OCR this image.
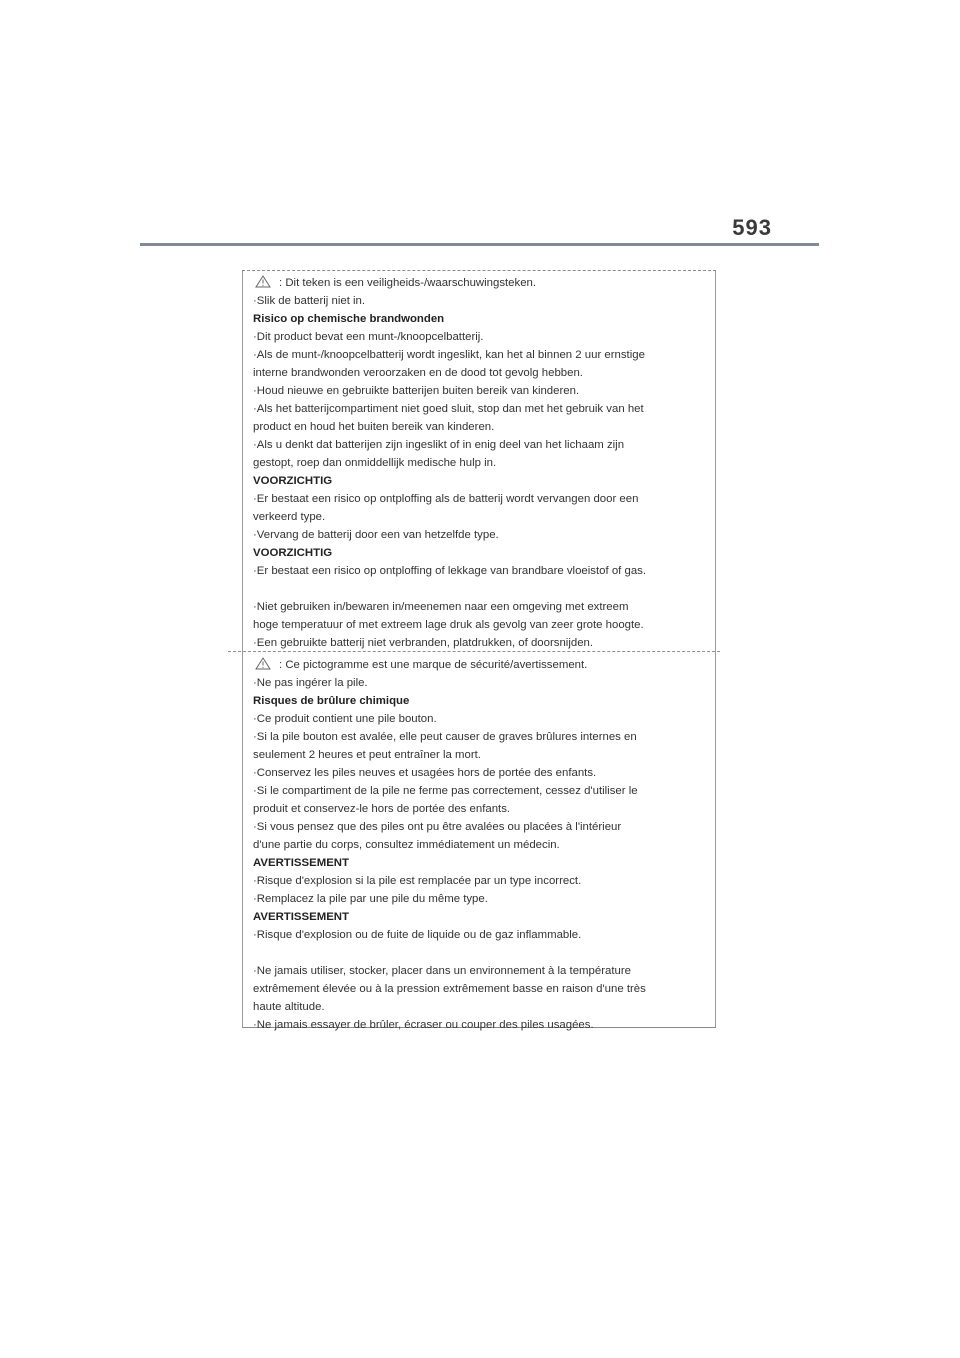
593
: Dit teken is een veiligheids-/waarschuwingsteken.
·Slik de batterij niet in.
Risico op chemische brandwonden
·Dit product bevat een munt-/knoopcelbatterij.
·Als de munt-/knoopcelbatterij wordt ingeslikt, kan het al binnen 2 uur ernstige
interne brandwonden veroorzaken en de dood tot gevolg hebben.
·Houd nieuwe en gebruikte batterijen buiten bereik van kinderen.
·Als het batterijcompartiment niet goed sluit, stop dan met het gebruik van het
product en houd het buiten bereik van kinderen.
·Als u denkt dat batterijen zijn ingeslikt of in enig deel van het lichaam zijn
gestopt, roep dan onmiddellijk medische hulp in.
VOORZICHTIG
·Er bestaat een risico op ontploffing als de batterij wordt vervangen door een
verkeerd type.
·Vervang de batterij door een van hetzelfde type.
VOORZICHTIG
·Er bestaat een risico op ontploffing of lekkage van brandbare vloeistof of gas.
·Niet gebruiken in/bewaren in/meenemen naar een omgeving met extreem
hoge temperatuur of met extreem lage druk als gevolg van zeer grote hoogte.
·Een gebruikte batterij niet verbranden, platdrukken, of doorsnijden.
: Ce pictogramme est une marque de sécurité/avertissement.
·Ne pas ingérer la pile.
Risques de brûlure chimique
·Ce produit contient une pile bouton.
·Si la pile bouton est avalée, elle peut causer de graves brûlures internes en
seulement 2 heures et peut entraîner la mort.
·Conservez les piles neuves et usagées hors de portée des enfants.
·Si le compartiment de la pile ne ferme pas correctement, cessez d'utiliser le
produit et conservez-le hors de portée des enfants.
·Si vous pensez que des piles ont pu être avalées ou placées à l'intérieur
d'une partie du corps, consultez immédiatement un médecin.
AVERTISSEMENT
·Risque d'explosion si la pile est remplacée par un type incorrect.
·Remplacez la pile par une pile du même type.
AVERTISSEMENT
·Risque d'explosion ou de fuite de liquide ou de gaz inflammable.
·Ne jamais utiliser, stocker, placer dans un environnement à la température
extrêmement élevée ou à la pression extrêmement basse en raison d'une très
haute altitude.
·Ne jamais essayer de brûler, écraser ou couper des piles usagées.
